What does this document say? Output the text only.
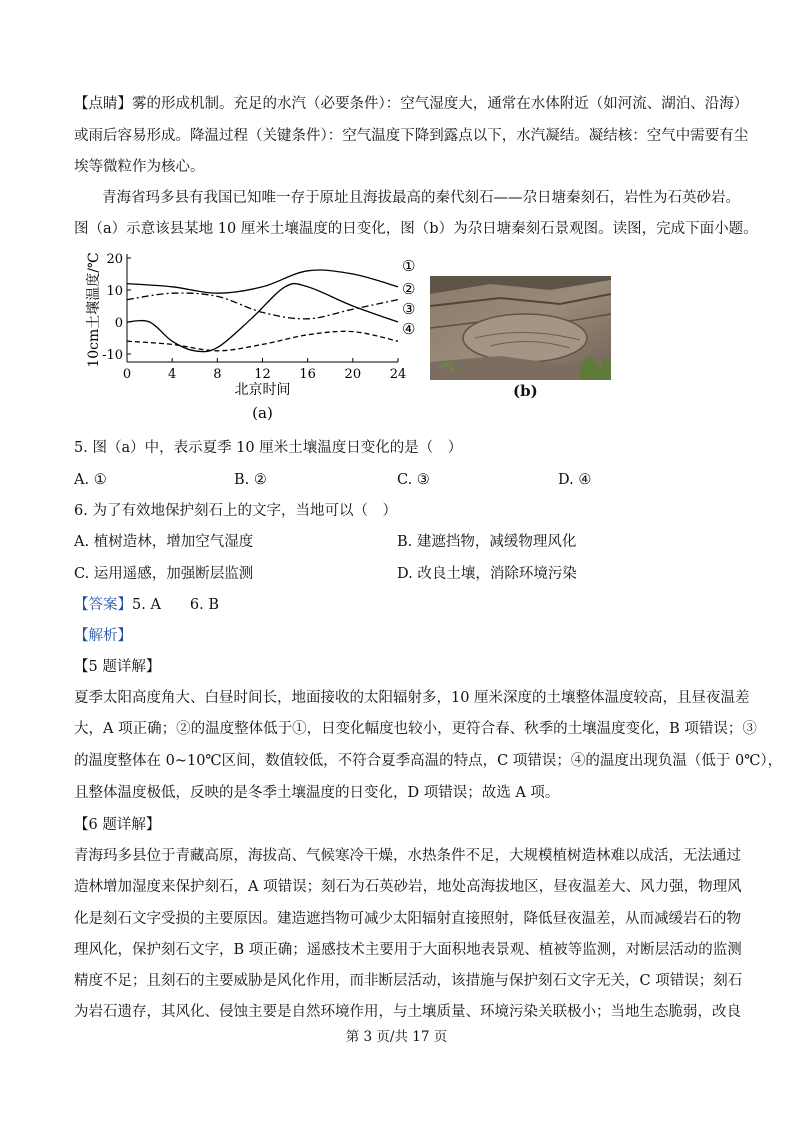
【点睛】雾的形成机制。充足的水汽（必要条件）：空气湿度大，通常在水体附近（如河流、湖泊、沿海）
或雨后容易形成。降温过程（关键条件）：空气温度下降到露点以下，水汽凝结。凝结核：空气中需要有尘
埃等微粒作为核心。
青海省玛多县有我国已知唯一存于原址且海拔最高的秦代刻石——尕日塘秦刻石，岩性为石英砂岩。
图（a）示意该县某地 10 厘米土壤温度的日变化，图（b）为尕日塘秦刻石景观图。读图，完成下面小题。
20
10
0
-10
0	4	8	12 16 20 24
10cm土壤温度/℃
北京时间
(a)
①
②
③
④
(b)
5. 图（a）中，表示夏季 10 厘米土壤温度日变化的是（　）
A. ①	B. ②	C. ③	D. ④
6. 为了有效地保护刻石上的文字，当地可以（　）
A. 植树造林，增加空气湿度	B. 建遮挡物，减缓物理风化
C. 运用遥感，加强断层监测	D. 改良土壤，消除环境污染
【答案】5. A　　6. B
【解析】
【5 题详解】
夏季太阳高度角大、白昼时间长，地面接收的太阳辐射多，10 厘米深度的土壤整体温度较高，且昼夜温差
大，A 项正确；②的温度整体低于①，日变化幅度也较小，更符合春、秋季的土壤温度变化，B 项错误；③
的温度整体在 0~10℃区间，数值较低，不符合夏季高温的特点，C 项错误；④的温度出现负温（低于 0℃），
且整体温度极低，反映的是冬季土壤温度的日变化，D 项错误；故选 A 项。
【6 题详解】
青海玛多县位于青藏高原，海拔高、气候寒冷干燥，水热条件不足，大规模植树造林难以成活，无法通过
造林增加湿度来保护刻石，A 项错误；刻石为石英砂岩，地处高海拔地区，昼夜温差大、风力强，物理风
化是刻石文字受损的主要原因。建造遮挡物可减少太阳辐射直接照射，降低昼夜温差，从而减缓岩石的物
理风化，保护刻石文字，B 项正确；遥感技术主要用于大面积地表景观、植被等监测，对断层活动的监测
精度不足；且刻石的主要威胁是风化作用，而非断层活动，该措施与保护刻石文字无关，C 项错误；刻石
为岩石遗存，其风化、侵蚀主要是自然环境作用，与土壤质量、环境污染关联极小；当地生态脆弱，改良
第 3 页/共 17 页
